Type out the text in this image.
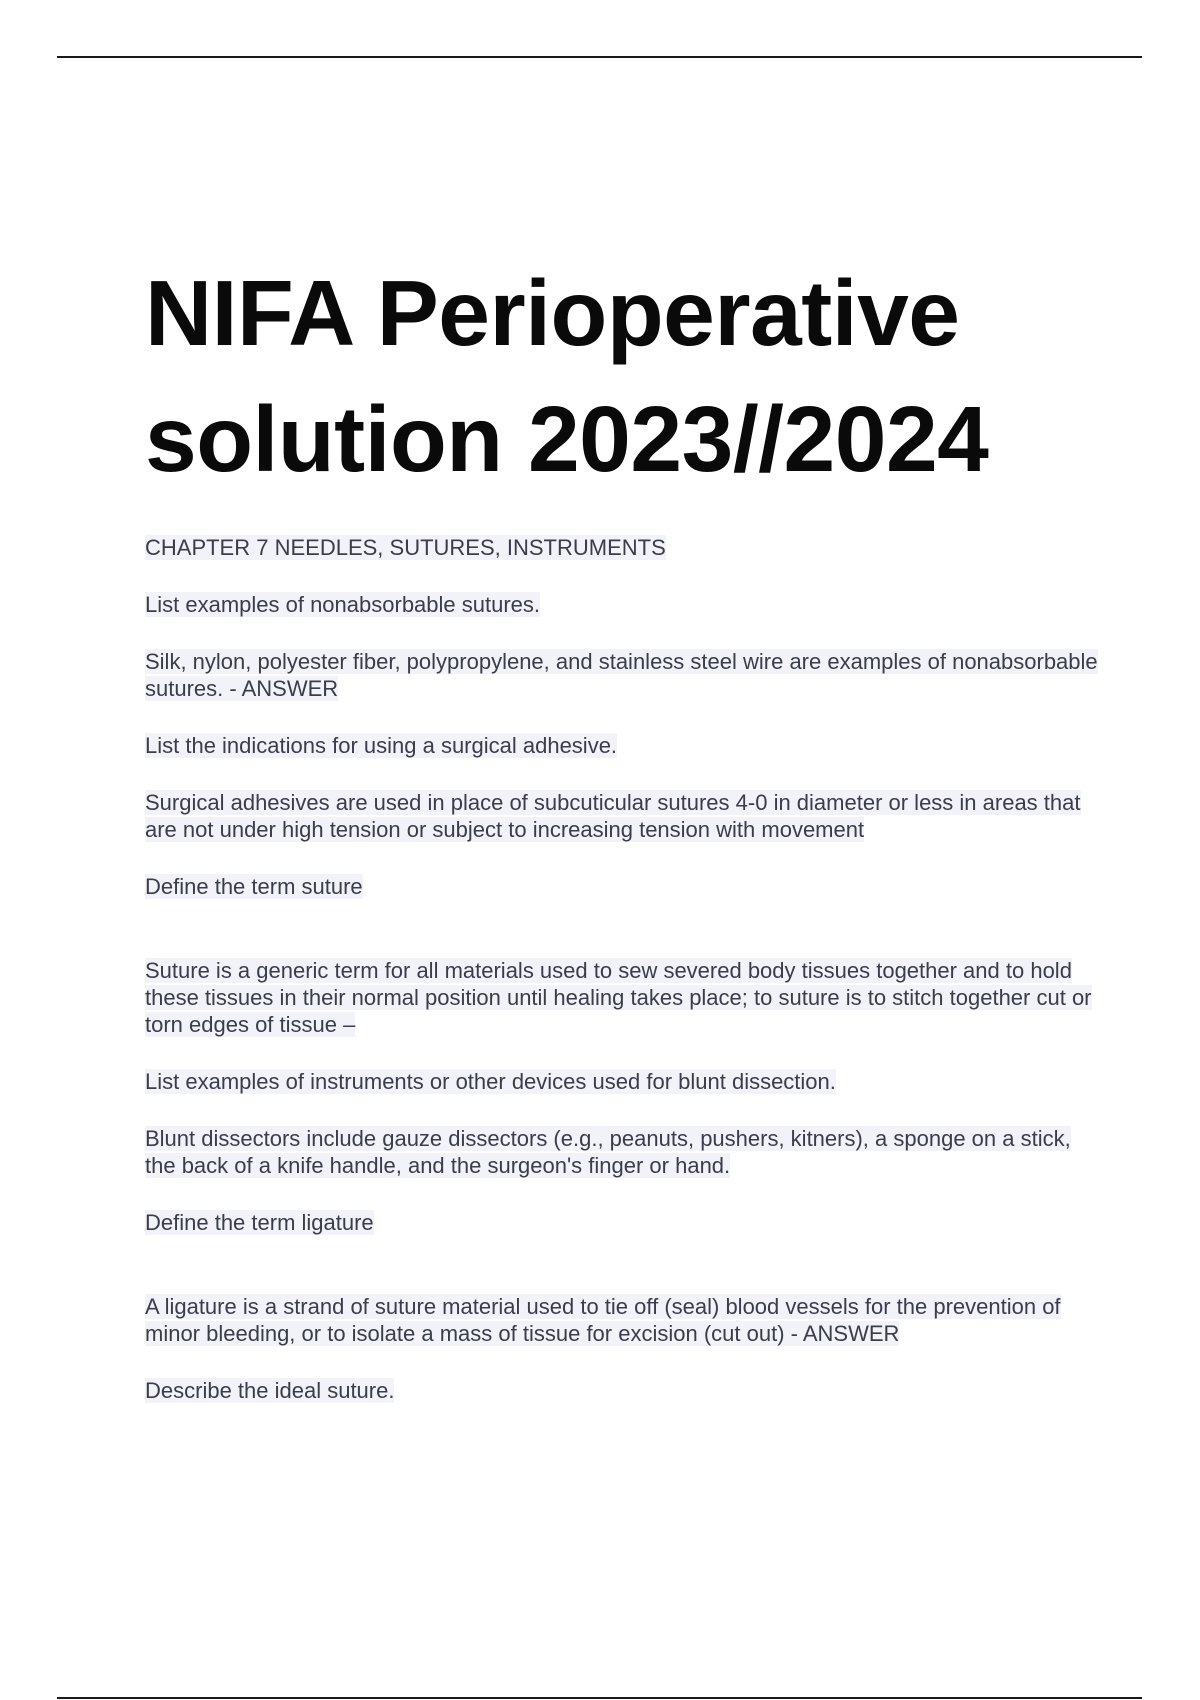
NIFA Perioperative
solution 2023//2024

CHAPTER 7 NEEDLES, SUTURES, INSTRUMENTS

List examples of nonabsorbable sutures.

Silk, nylon, polyester fiber, polypropylene, and stainless steel wire are examples of nonabsorbable sutures. - ANSWER

List the indications for using a surgical adhesive.

Surgical adhesives are used in place of subcuticular sutures 4-0 in diameter or less in areas that are not under high tension or subject to increasing tension with movement

Define the term suture

Suture is a generic term for all materials used to sew severed body tissues together and to hold these tissues in their normal position until healing takes place; to suture is to stitch together cut or torn edges of tissue –

List examples of instruments or other devices used for blunt dissection.

Blunt dissectors include gauze dissectors (e.g., peanuts, pushers, kitners), a sponge on a stick, the back of a knife handle, and the surgeon's finger or hand.

Define the term ligature

A ligature is a strand of suture material used to tie off (seal) blood vessels for the prevention of minor bleeding, or to isolate a mass of tissue for excision (cut out) - ANSWER

Describe the ideal suture.
